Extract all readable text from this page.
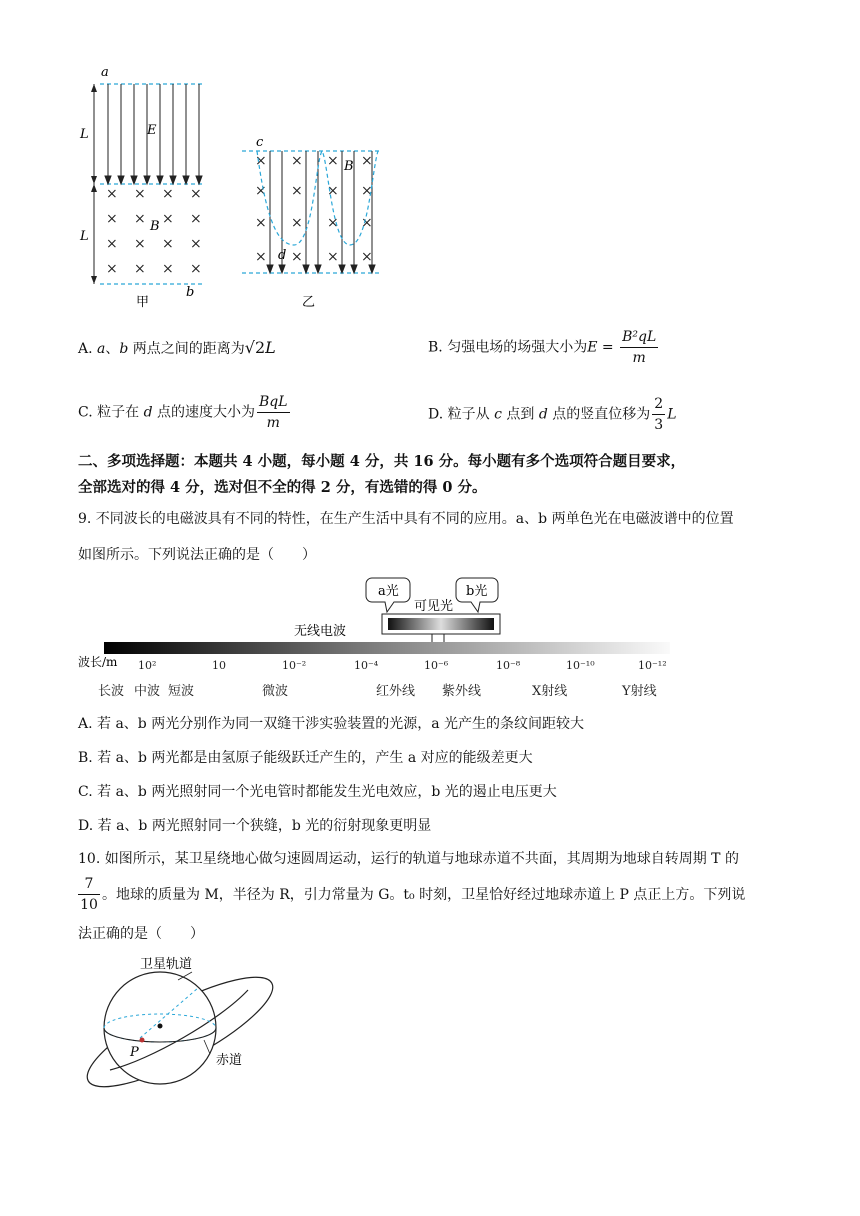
× × × ×
× × × ×
× × × ×
× × × ×
a
L
L
E
B
b
甲
× × × ×
× × × ×
× × × ×
× × × ×
c
B
d
乙
A. a、b 两点之间的距离为√2L	B. 匀强电场的场强大小为$E = \frac{\text{B²qL}}{m}$
C. 粒子在 d 点的速度大小为 $\frac{\text{BqL}}{m}$	D. 粒子从 c 点到 d 点的竖直位移为 $\frac{2}{3}$ L
二、多项选择题：本题共 4 小题，每小题 4 分，共 16 分。每小题有多个选项符合题目要求，
全部选对的得 4 分，选对但不全的得 2 分，有选错的得 0 分。
9. 不同波长的电磁波具有不同的特性，在生产生活中具有不同的应用。a、b 两单色光在电磁波谱中的位置
如图所示。下列说法正确的是（　　）
a光	b光
可见光
无线电波
波长/m 10²	10	10⁻²	10⁻⁴	10⁻⁶	10⁻⁸	10⁻¹⁰	10⁻¹²
长波 中波 短波	微波	红外线 紫外线	X射线	Y射线
A. 若 a、b 两光分别作为同一双缝干涉实验装置的光源，a 光产生的条纹间距较大
B. 若 a、b 两光都是由氢原子能级跃迁产生的，产生 a 对应的能级差更大
C. 若 a、b 两光照射同一个光电管时都能发生光电效应，b 光的遏止电压更大
D. 若 a、b 两光照射同一个狭缝，b 光的衍射现象更明显
10. 如图所示，某卫星绕地心做匀速圆周运动，运行的轨道与地球赤道不共面，其周期为地球自转周期 T 的
7
10
。地球的质量为 M，半径为 R，引力常量为 G。t₀ 时刻，卫星恰好经过地球赤道上 P 点正上方。下列说
法正确的是（　　）
卫星轨道
赤道
P
